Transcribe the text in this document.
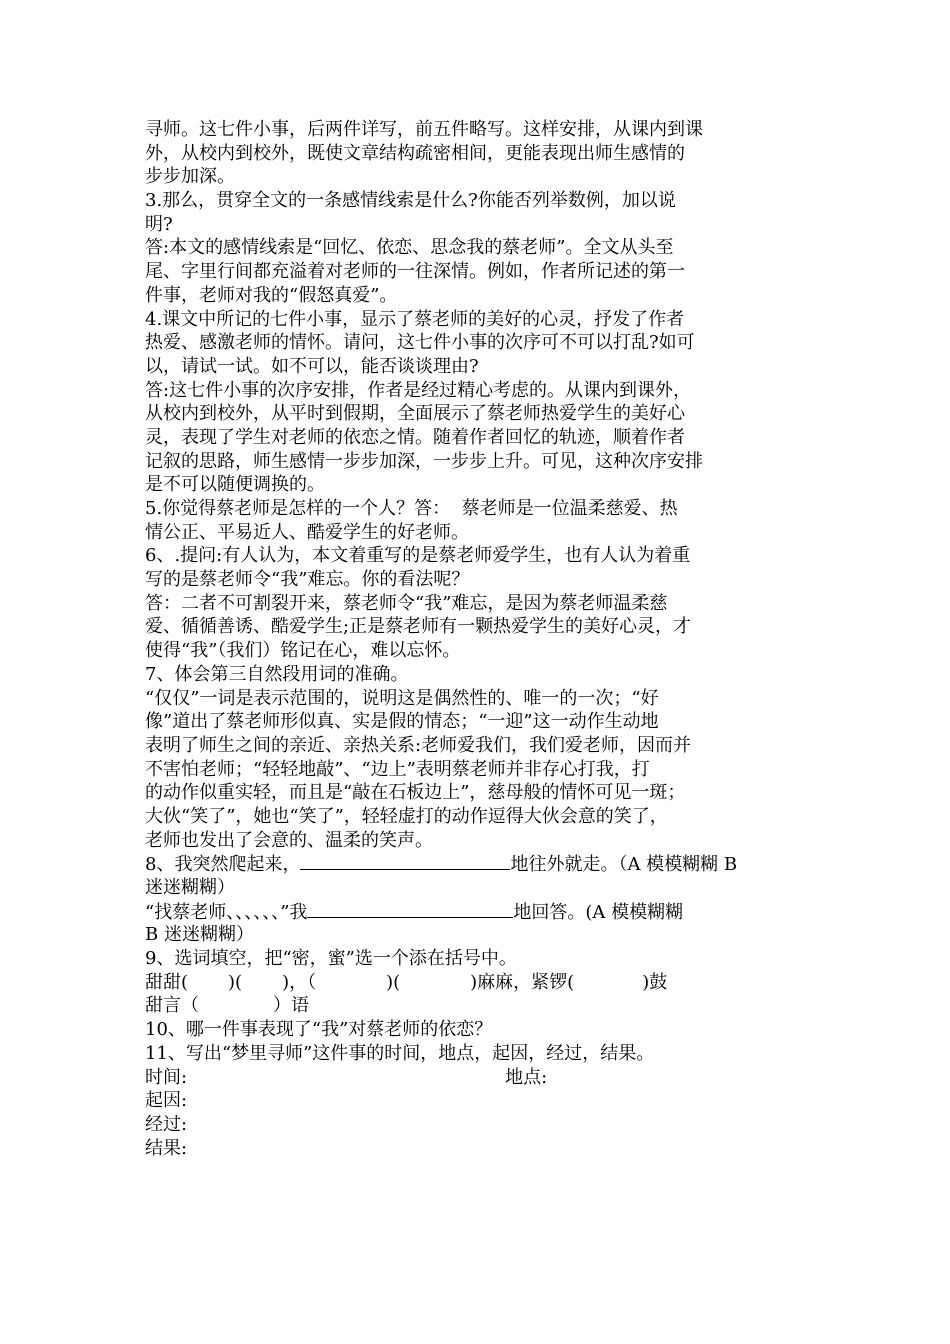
寻师。这七件小事，后两件详写，前五件略写。这样安排，从课内到课
外，从校内到校外，既使文章结构疏密相间，更能表现出师生感情的
步步加深。
3.那么，贯穿全文的一条感情线索是什么?你能否列举数例，加以说
明?
答:本文的感情线索是“回忆、依恋、思念我的蔡老师”。全文从头至
尾、字里行间都充溢着对老师的一往深情。例如，作者所记述的第一
件事，老师对我的“假怒真爱”。
4.课文中所记的七件小事，显示了蔡老师的美好的心灵，抒发了作者
热爱、感激老师的情怀。请问，这七件小事的次序可不可以打乱?如可
以，请试一试。如不可以，能否谈谈理由?
答:这七件小事的次序安排，作者是经过精心考虑的。从课内到课外，
从校内到校外，从平时到假期，全面展示了蔡老师热爱学生的美好心
灵，表现了学生对老师的依恋之情。随着作者回忆的轨迹，顺着作者
记叙的思路，师生感情一步步加深，一步步上升。可见，这种次序安排
是不可以随便调换的。
5.你觉得蔡老师是怎样的一个人？答：  蔡老师是一位温柔慈爱、热
情公正、平易近人、酷爱学生的好老师。
6、.提问:有人认为，本文着重写的是蔡老师爱学生，也有人认为着重
写的是蔡老师令“我”难忘。你的看法呢？
答：二者不可割裂开来，蔡老师令“我”难忘，是因为蔡老师温柔慈
爱、循循善诱、酷爱学生;正是蔡老师有一颗热爱学生的美好心灵，才
使得“我”（我们）铭记在心，难以忘怀。
7、体会第三自然段用词的准确。
“仅仅”一词是表示范围的，说明这是偶然性的、唯一的一次；“好
像”道出了蔡老师形似真、实是假的情态；“一迎”这一动作生动地
表明了师生之间的亲近、亲热关系:老师爱我们，我们爱老师，因而并
不害怕老师；“轻轻地敲”、“边上”表明蔡老师并非存心打我，打
的动作似重实轻，而且是“敲在石板边上”，慈母般的情怀可见一斑；
大伙“笑了”，她也“笑了”，轻轻虚打的动作逗得大伙会意的笑了，
老师也发出了会意的、温柔的笑声。
8、我突然爬起来，	地往外就走。（A 模模糊糊 B
迷迷糊糊）
“找蔡老师、、、、、、”我	地回答。(A 模模糊糊
B 迷迷糊糊）
9、选词填空，把“密，蜜”选一个添在括号中。
甜甜( )( )，（	)(	)麻麻，紧锣(	)鼓
甜言（	）语
10、哪一件事表现了“我”对蔡老师的依恋？
11、写出“梦里寻师”这件事的时间，地点，起因，经过，结果。
时间:	地点:
起因:
经过:
结果:
